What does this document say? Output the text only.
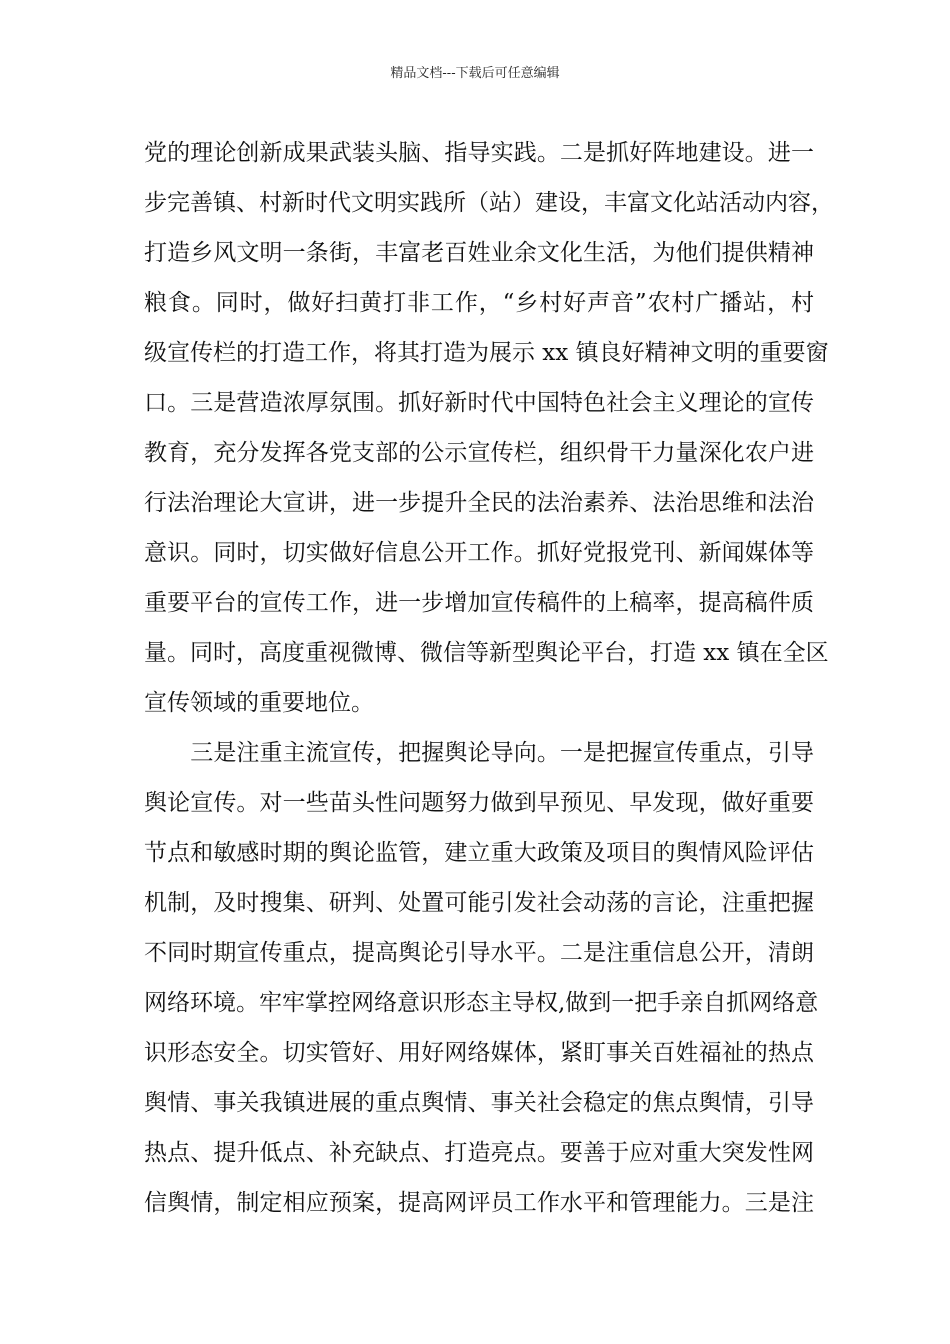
精品文档---下载后可任意编辑
党的理论创新成果武装头脑、指导实践。二是抓好阵地建设。进一
步完善镇、村新时代文明实践所（站）建设，丰富文化站活动内容，
打造乡风文明一条街，丰富老百姓业余文化生活，为他们提供精神
粮食。同时，做好扫黄打非工作，“乡村好声音”农村广播站，村
级宣传栏的打造工作，将其打造为展示 xx 镇良好精神文明的重要窗
口。三是营造浓厚氛围。抓好新时代中国特色社会主义理论的宣传
教育，充分发挥各党支部的公示宣传栏，组织骨干力量深化农户进
行法治理论大宣讲，进一步提升全民的法治素养、法治思维和法治
意识。同时，切实做好信息公开工作。抓好党报党刊、新闻媒体等
重要平台的宣传工作，进一步增加宣传稿件的上稿率，提高稿件质
量。同时，高度重视微博、微信等新型舆论平台，打造 xx 镇在全区
宣传领域的重要地位。
　　三是注重主流宣传，把握舆论导向。一是把握宣传重点，引导
舆论宣传。对一些苗头性问题努力做到早预见、早发现，做好重要
节点和敏感时期的舆论监管，建立重大政策及项目的舆情风险评估
机制，及时搜集、研判、处置可能引发社会动荡的言论，注重把握
不同时期宣传重点，提高舆论引导水平。二是注重信息公开，清朗
网络环境。牢牢掌控网络意识形态主导权,做到一把手亲自抓网络意
识形态安全。切实管好、用好网络媒体，紧盯事关百姓福祉的热点
舆情、事关我镇进展的重点舆情、事关社会稳定的焦点舆情，引导
热点、提升低点、补充缺点、打造亮点。要善于应对重大突发性网
信舆情，制定相应预案，提高网评员工作水平和管理能力。三是注
